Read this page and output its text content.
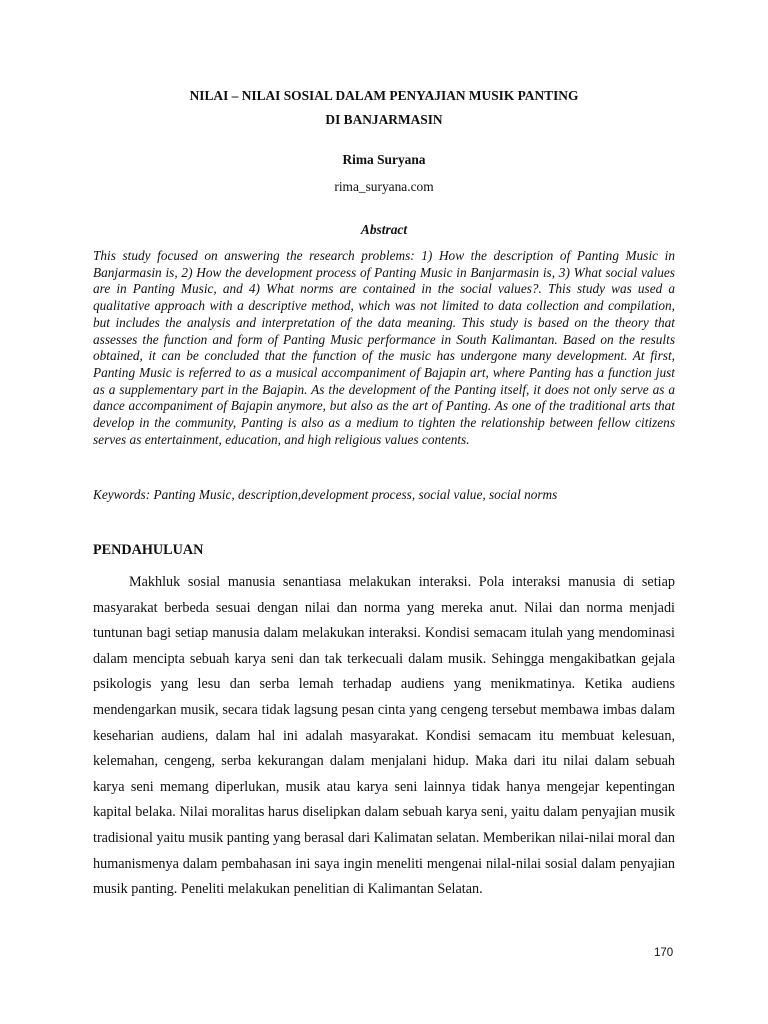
NILAI – NILAI SOSIAL DALAM PENYAJIAN MUSIK PANTING
DI BANJARMASIN
Rima Suryana
rima_suryana.com
Abstract

This study focused on answering the research problems: 1) How the description of Panting Music in Banjarmasin is, 2) How the development process of Panting Music in Banjarmasin is, 3) What social values are in Panting Music, and 4) What norms are contained in the social values?. This study was used a qualitative approach with a descriptive method, which was not limited to data collection and compilation, but includes the analysis and interpretation of the data meaning. This study is based on the theory that assesses the function and form of Panting Music performance in South Kalimantan. Based on the results obtained, it can be concluded that the function of the music has undergone many development. At first, Panting Music is referred to as a musical accompaniment of Bajapin art, where Panting has a function just as a supplementary part in the Bajapin. As the development of the Panting itself, it does not only serve as a dance accompaniment of Bajapin anymore, but also as the art of Panting. As one of the traditional arts that develop in the community, Panting is also as a medium to tighten the relationship between fellow citizens serves as entertainment, education, and high religious values contents.

Keywords: Panting Music, description,development process, social value, social norms
PENDAHULUAN

Makhluk sosial manusia senantiasa melakukan interaksi. Pola interaksi manusia di setiap masyarakat berbeda sesuai dengan nilai dan norma yang mereka anut. Nilai dan norma menjadi tuntunan bagi setiap manusia dalam melakukan interaksi. Kondisi semacam itulah yang mendominasi dalam mencipta sebuah karya seni dan tak terkecuali dalam musik. Sehingga mengakibatkan gejala psikologis yang lesu dan serba lemah terhadap audiens yang menikmatinya. Ketika audiens mendengarkan musik, secara tidak lagsung pesan cinta yang cengeng tersebut membawa imbas dalam keseharian audiens, dalam hal ini adalah masyarakat. Kondisi semacam itu membuat kelesuan, kelemahan, cengeng, serba kekurangan dalam menjalani hidup. Maka dari itu nilai dalam sebuah karya seni memang diperlukan, musik atau karya seni lainnya tidak hanya mengejar kepentingan kapital belaka. Nilai moralitas harus diselipkan dalam sebuah karya seni, yaitu dalam penyajian musik tradisional yaitu musik panting yang berasal dari Kalimatan selatan. Memberikan nilai-nilai moral dan humanismenya dalam pembahasan ini saya ingin meneliti mengenai nilal-nilai sosial dalam penyajian musik panting. Peneliti melakukan penelitian di Kalimantan Selatan.

170
